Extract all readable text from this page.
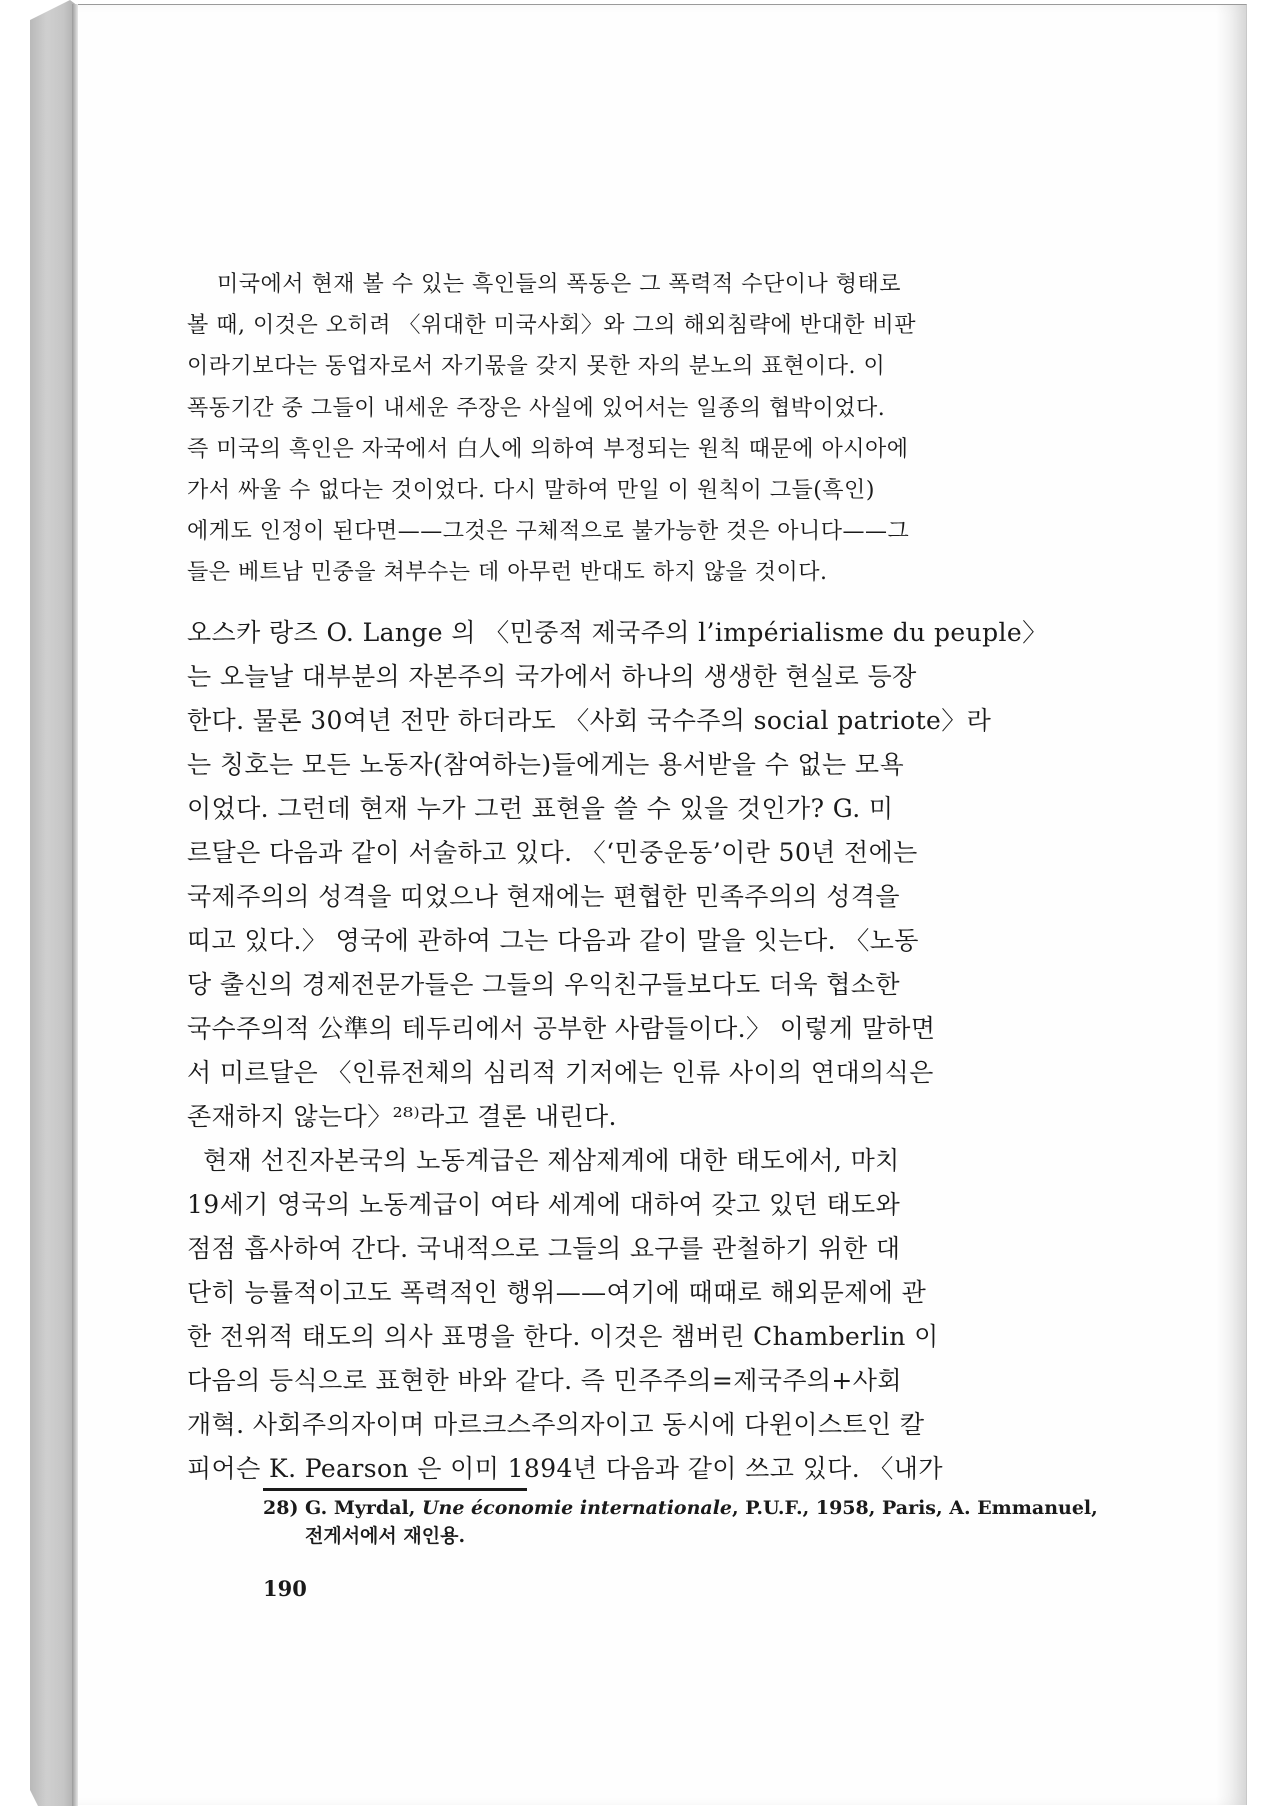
미국에서 현재 볼 수 있는 흑인들의 폭동은 그 폭력적 수단이나 형태로
볼 때, 이것은 오히려 〈위대한 미국사회〉와 그의 해외침략에 반대한 비판
이라기보다는 동업자로서 자기몫을 갖지 못한 자의 분노의 표현이다. 이
폭동기간 중 그들이 내세운 주장은 사실에 있어서는 일종의 협박이었다.
즉 미국의 흑인은 자국에서 白人에 의하여 부정되는 원칙 때문에 아시아에
가서 싸울 수 없다는 것이었다. 다시 말하여 만일 이 원칙이 그들(흑인)
에게도 인정이 된다면——그것은 구체적으로 불가능한 것은 아니다——그
들은 베트남 민중을 쳐부수는 데 아무런 반대도 하지 않을 것이다.
오스카 랑즈 O. Lange 의 〈민중적 제국주의 l’impérialisme du peuple〉
는 오늘날 대부분의 자본주의 국가에서 하나의 생생한 현실로 등장
한다. 물론 30여년 전만 하더라도 〈사회 국수주의 social patriote〉라
는 칭호는 모든 노동자(참여하는)들에게는 용서받을 수 없는 모욕
이었다. 그런데 현재 누가 그런 표현을 쓸 수 있을 것인가? G. 미
르달은 다음과 같이 서술하고 있다. 〈‘민중운동’이란 50년 전에는
국제주의의 성격을 띠었으나 현재에는 편협한 민족주의의 성격을
띠고 있다.〉 영국에 관하여 그는 다음과 같이 말을 잇는다. 〈노동
당 출신의 경제전문가들은 그들의 우익친구들보다도 더욱 협소한
국수주의적 公準의 테두리에서 공부한 사람들이다.〉 이렇게 말하면
서 미르달은 〈인류전체의 심리적 기저에는 인류 사이의 연대의식은
존재하지 않는다〉²⁸⁾라고 결론 내린다.
현재 선진자본국의 노동계급은 제삼제계에 대한 태도에서, 마치
19세기 영국의 노동계급이 여타 세계에 대하여 갖고 있던 태도와
점점 흡사하여 간다. 국내적으로 그들의 요구를 관철하기 위한 대
단히 능률적이고도 폭력적인 행위——여기에 때때로 해외문제에 관
한 전위적 태도의 의사 표명을 한다. 이것은 챔버린 Chamberlin 이
다음의 등식으로 표현한 바와 같다. 즉 민주주의=제국주의+사회
개혁. 사회주의자이며 마르크스주의자이고 동시에 다윈이스트인 칼
피어슨 K. Pearson 은 이미 1894년 다음과 같이 쓰고 있다. 〈내가
28) G. Myrdal, Une économie internationale, P.U.F., 1958, Paris, A. Emmanuel,
전게서에서 재인용.
190
